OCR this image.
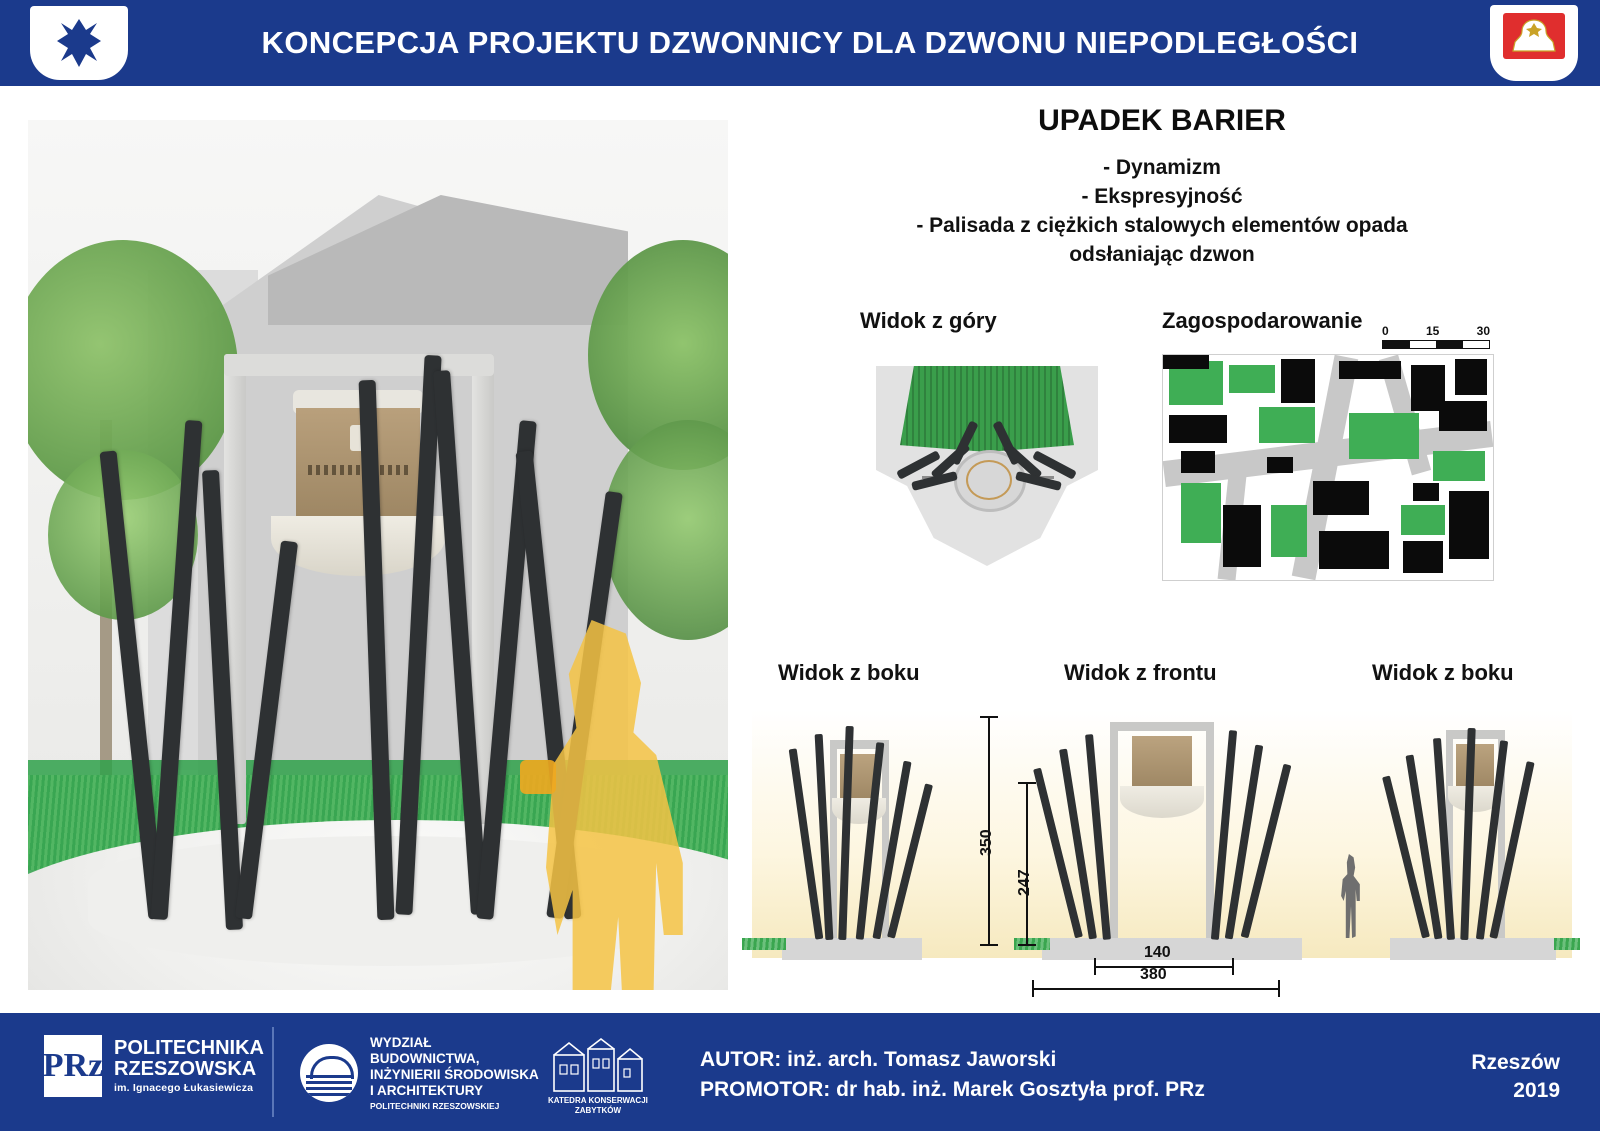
KONCEPCJA PROJEKTU DZWONNICY DLA DZWONU NIEPODLEGŁOŚCI
UPADEK BARIER
- Dynamizm
- Ekspresyjność
- Palisada z ciężkich stalowych elementów opada
odsłaniając dzwon
Widok z góry	Zagospodarowanie 0	15	30
Widok z boku	Widok z frontu	Widok z boku
350
247
140
380
PRz POLITECHNIKA
RZESZOWSKA
im. Ignacego Łukasiewicza
WYDZIAŁ
BUDOWNICTWA,
INŻYNIERII ŚRODOWISKA
I ARCHITEKTURY
POLITECHNIKI RZESZOWSKIEJ
KATEDRA KONSERWACJI
ZABYTKÓW
AUTOR: inż. arch. Tomasz Jaworski
PROMOTOR: dr hab. inż. Marek Gosztyła prof. PRz
Rzeszów
2019
